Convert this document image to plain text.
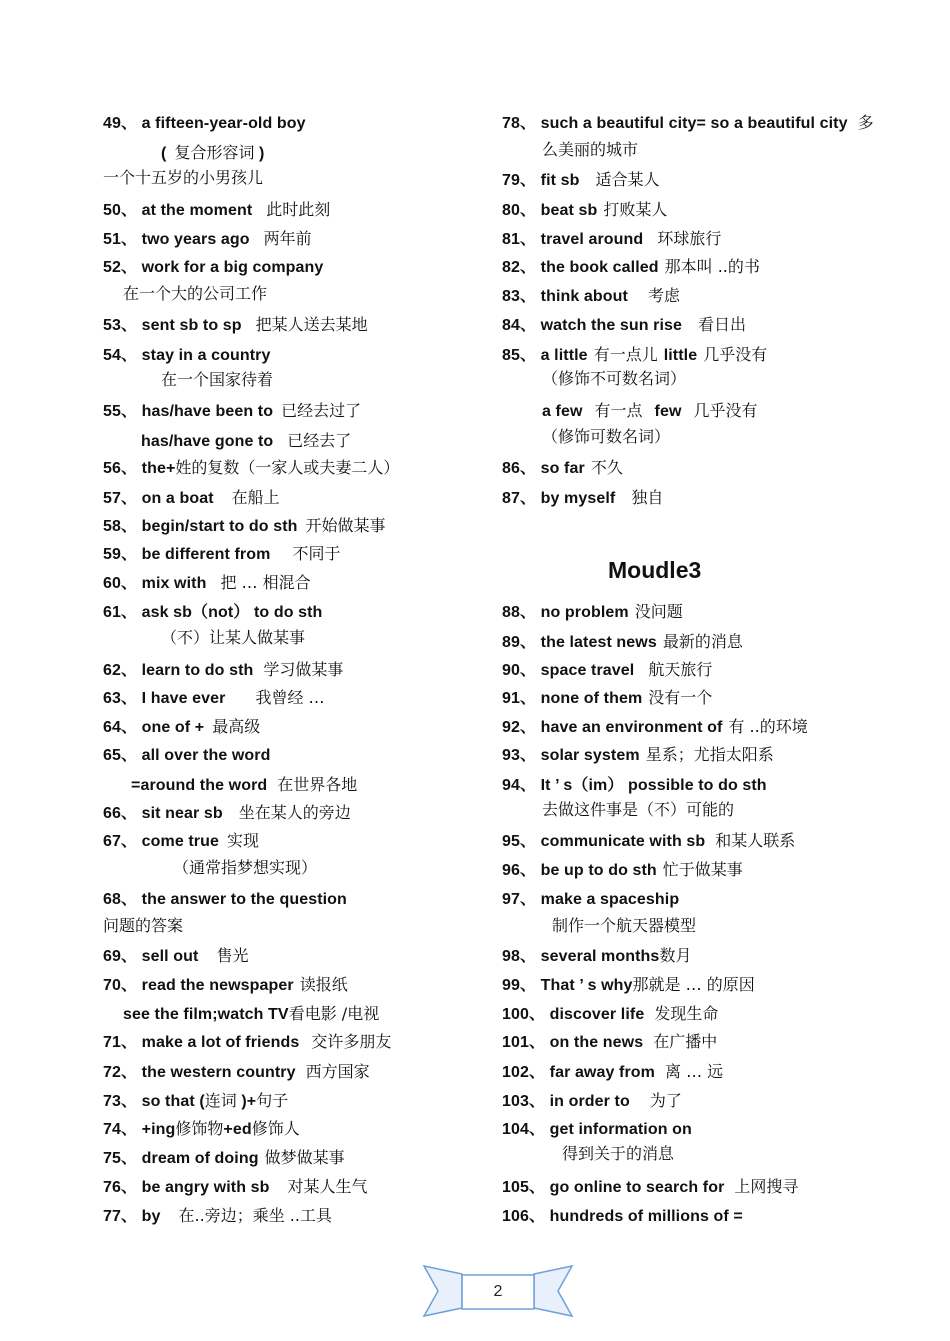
49、 a fifteen-year-old boy
( 复合形容词 )
一个十五岁的小男孩儿
50、 at the moment 此时此刻
51、 two years ago 两年前
52、 work for a big company
在一个大的公司工作
53、 sent sb to sp 把某人送去某地
54、 stay in a country
在一个国家待着
55、 has/have been to 已经去过了
has/have gone to 已经去了
56、 the+姓的复数（一家人或夫妻二人）
57、 on a boat 在船上
58、 begin/start to do sth 开始做某事
59、 be different from 不同于
60、 mix with 把 … 相混合
61、 ask sb（not） to do sth
（不）让某人做某事
62、 learn to do sth 学习做某事
63、 I have ever 我曾经 …
64、 one of + 最高级
65、 all over the word
=around the word 在世界各地
66、 sit near sb 坐在某人的旁边
67、 come true 实现
（通常指梦想实现）
68、 the answer to the question
问题的答案
69、 sell out 售光
70、 read the newspaper 读报纸
see the film;watch TV看电影 /电视
71、 make a lot of friends 交许多朋友
72、 the western country 西方国家
73、 so that (连词 )+句子
74、 +ing修饰物+ed修饰人
75、 dream of doing 做梦做某事
76、 be angry with sb 对某人生气
77、 by 在..旁边；乘坐 ..工具
78、 such a beautiful city= so a beautiful city 多
么美丽的城市
79、 fit sb 适合某人
80、 beat sb 打败某人
81、 travel around 环球旅行
82、 the book called 那本叫 ..的书
83、 think about 考虑
84、 watch the sun rise 看日出
85、 a little 有一点儿 little 几乎没有
（修饰不可数名词）
a few 有一点 few 几乎没有
（修饰可数名词）
86、 so far 不久
87、 by myself 独自
88、 no problem 没问题
89、 the latest news 最新的消息
90、 space travel 航天旅行
91、 none of them 没有一个
92、 have an environment of 有 ..的环境
93、 solar system 星系；尤指太阳系
94、 It ’ s（im） possible to do sth
去做这件事是（不）可能的
95、 communicate with sb 和某人联系
96、 be up to do sth 忙于做某事
97、 make a spaceship
制作一个航天器模型
98、 several months数月
99、 That ’ s why那就是 … 的原因
100、 discover life 发现生命
101、 on the news 在广播中
102、 far away from 离 … 远
103、 in order to 为了
104、 get information on
得到关于的消息
105、 go online to search for 上网搜寻
106、 hundreds of millions of =
Moudle3
2
